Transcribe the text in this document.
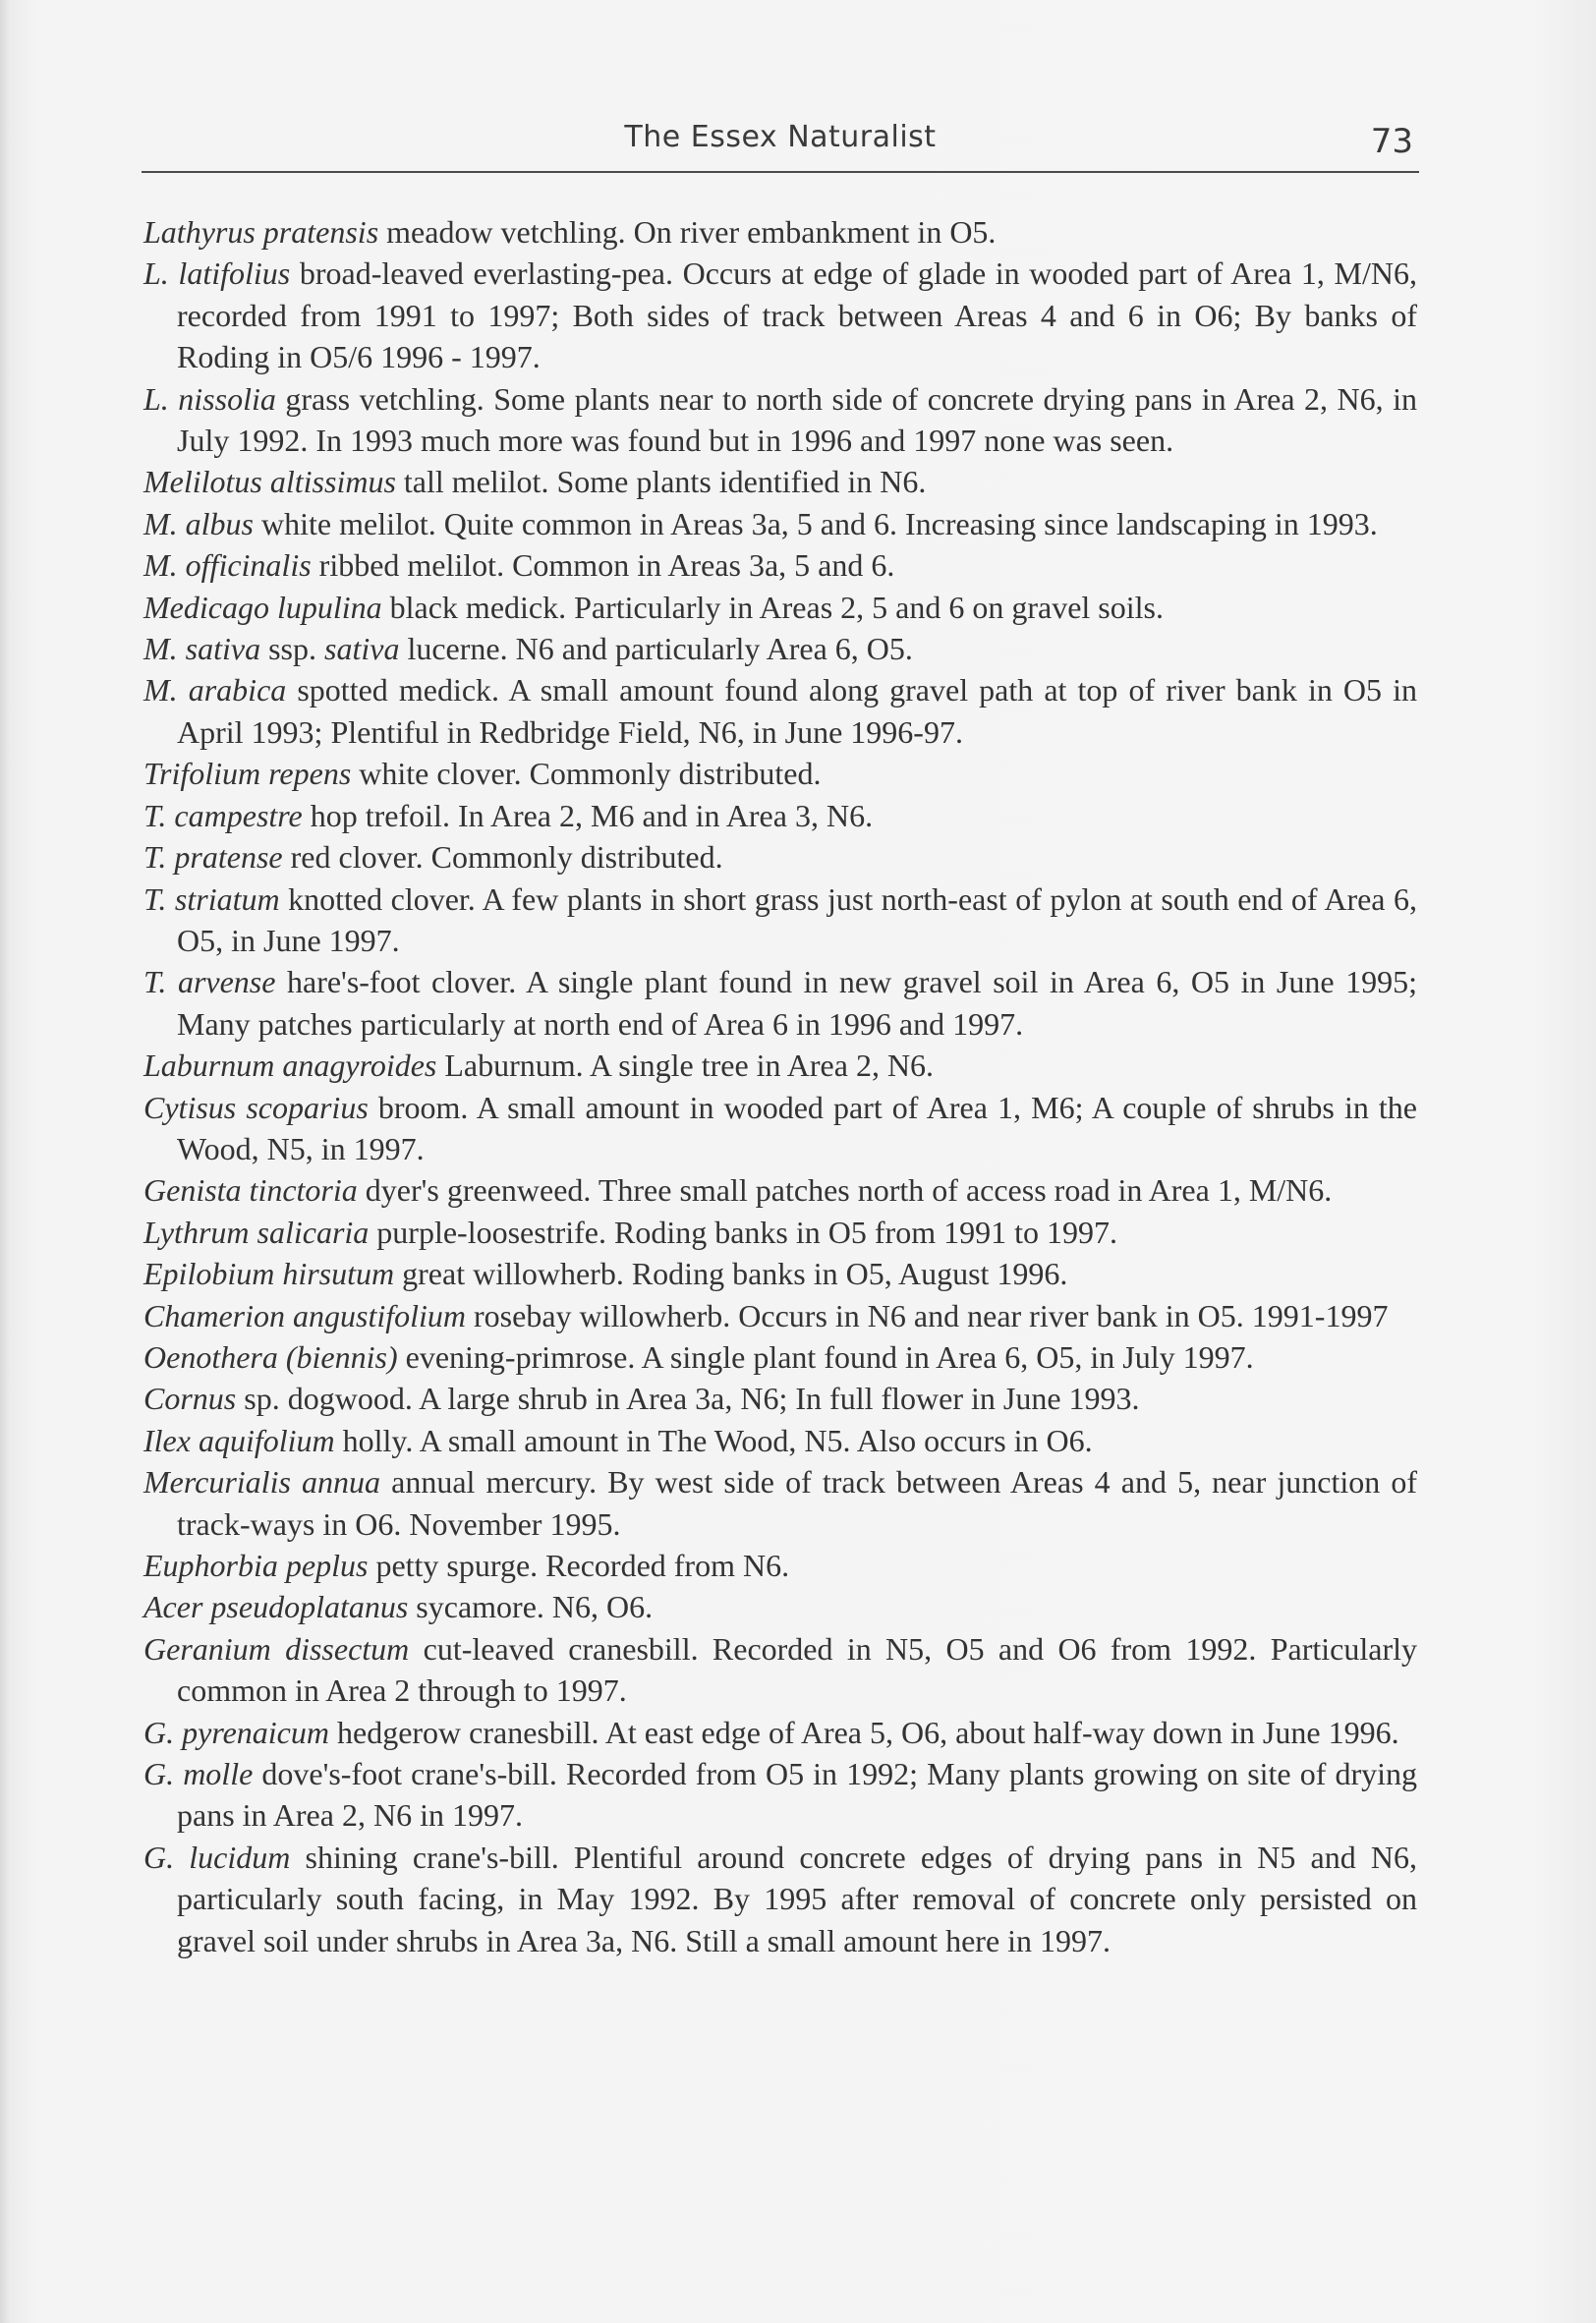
The Essex Naturalist	73
Lathyrus pratensis meadow vetchling. On river embankment in O5.
L. latifolius broad-leaved everlasting-pea. Occurs at edge of glade in wooded part of Area 1, M/N6, recorded from 1991 to 1997; Both sides of track between Areas 4 and 6 in O6; By banks of Roding in O5/6 1996 - 1997.
L. nissolia grass vetchling. Some plants near to north side of concrete drying pans in Area 2, N6, in July 1992. In 1993 much more was found but in 1996 and 1997 none was seen.
Melilotus altissimus tall melilot. Some plants identified in N6.
M. albus white melilot. Quite common in Areas 3a, 5 and 6. Increasing since landscaping in 1993.
M. officinalis ribbed melilot. Common in Areas 3a, 5 and 6.
Medicago lupulina black medick. Particularly in Areas 2, 5 and 6 on gravel soils.
M. sativa ssp. sativa lucerne. N6 and particularly Area 6, O5.
M. arabica spotted medick. A small amount found along gravel path at top of river bank in O5 in April 1993; Plentiful in Redbridge Field, N6, in June 1996-97.
Trifolium repens white clover. Commonly distributed.
T. campestre hop trefoil. In Area 2, M6 and in Area 3, N6.
T. pratense red clover. Commonly distributed.
T. striatum knotted clover. A few plants in short grass just north-east of pylon at south end of Area 6, O5, in June 1997.
T. arvense hare's-foot clover. A single plant found in new gravel soil in Area 6, O5 in June 1995; Many patches particularly at north end of Area 6 in 1996 and 1997.
Laburnum anagyroides Laburnum. A single tree in Area 2, N6.
Cytisus scoparius broom. A small amount in wooded part of Area 1, M6; A couple of shrubs in the Wood, N5, in 1997.
Genista tinctoria dyer's greenweed. Three small patches north of access road in Area 1, M/N6.
Lythrum salicaria purple-loosestrife. Roding banks in O5 from 1991 to 1997.
Epilobium hirsutum great willowherb. Roding banks in O5, August 1996.
Chamerion angustifolium rosebay willowherb. Occurs in N6 and near river bank in O5. 1991-1997
Oenothera (biennis) evening-primrose. A single plant found in Area 6, O5, in July 1997.
Cornus sp. dogwood. A large shrub in Area 3a, N6; In full flower in June 1993.
Ilex aquifolium holly. A small amount in The Wood, N5. Also occurs in O6.
Mercurialis annua annual mercury. By west side of track between Areas 4 and 5, near junction of track-ways in O6. November 1995.
Euphorbia peplus petty spurge. Recorded from N6.
Acer pseudoplatanus sycamore. N6, O6.
Geranium dissectum cut-leaved cranesbill. Recorded in N5, O5 and O6 from 1992. Particularly common in Area 2 through to 1997.
G. pyrenaicum hedgerow cranesbill. At east edge of Area 5, O6, about half-way down in June 1996.
G. molle dove's-foot crane's-bill. Recorded from O5 in 1992; Many plants growing on site of drying pans in Area 2, N6 in 1997.
G. lucidum shining crane's-bill. Plentiful around concrete edges of drying pans in N5 and N6, particularly south facing, in May 1992. By 1995 after removal of concrete only persisted on gravel soil under shrubs in Area 3a, N6. Still a small amount here in 1997.
